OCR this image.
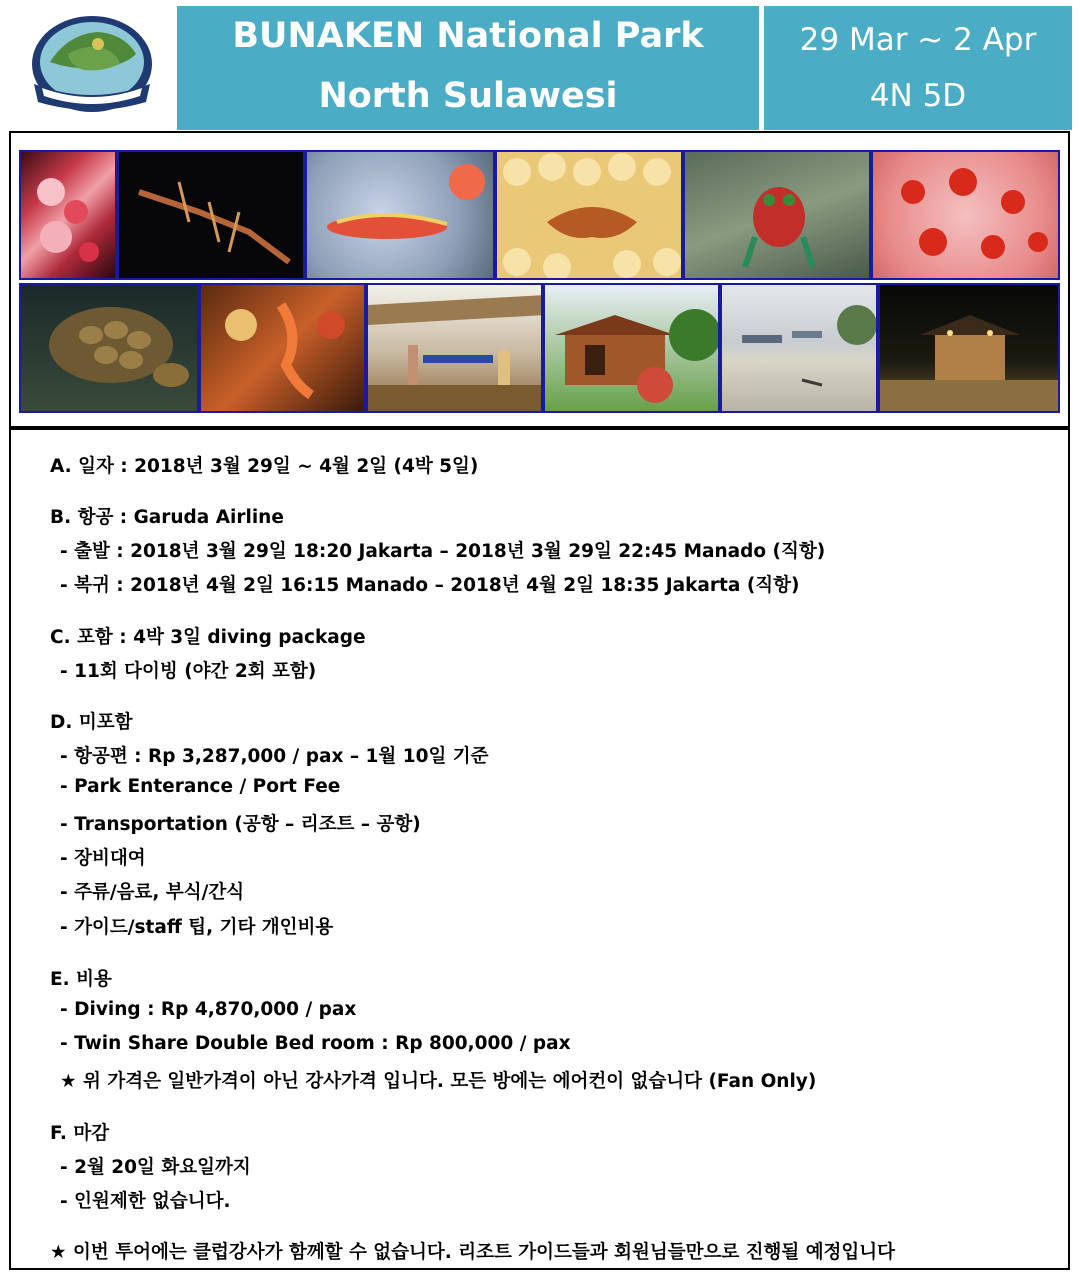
BUNAKEN National Park
North Sulawesi
29 Mar ~ 2 Apr
4N 5D
A. 일자 : 2018년 3월 29일 ~ 4월 2일 (4박 5일)
B. 항공 : Garuda Airline
- 출발 : 2018년 3월 29일 18:20 Jakarta – 2018년 3월 29일 22:45 Manado (직항)
- 복귀 : 2018년 4월 2일 16:15 Manado – 2018년 4월 2일 18:35 Jakarta (직항)
C. 포함 : 4박 3일 diving package
- 11회 다이빙 (야간 2회 포함)
D. 미포함
- 항공편 : Rp 3,287,000 / pax – 1월 10일 기준
- Park Enterance / Port Fee
- Transportation (공항 – 리조트 – 공항)
- 장비대여
- 주류/음료, 부식/간식
- 가이드/staff 팁, 기타 개인비용
E. 비용
- Diving : Rp 4,870,000 / pax
- Twin Share Double Bed room : Rp 800,000 / pax
★ 위 가격은 일반가격이 아닌 강사가격 입니다. 모든 방에는 에어컨이 없습니다 (Fan Only)
F. 마감
- 2월 20일 화요일까지
- 인원제한 없습니다.
★ 이번 투어에는 클럽강사가 함께할 수 없습니다. 리조트 가이드들과 회원님들만으로 진행될 예정입니다
